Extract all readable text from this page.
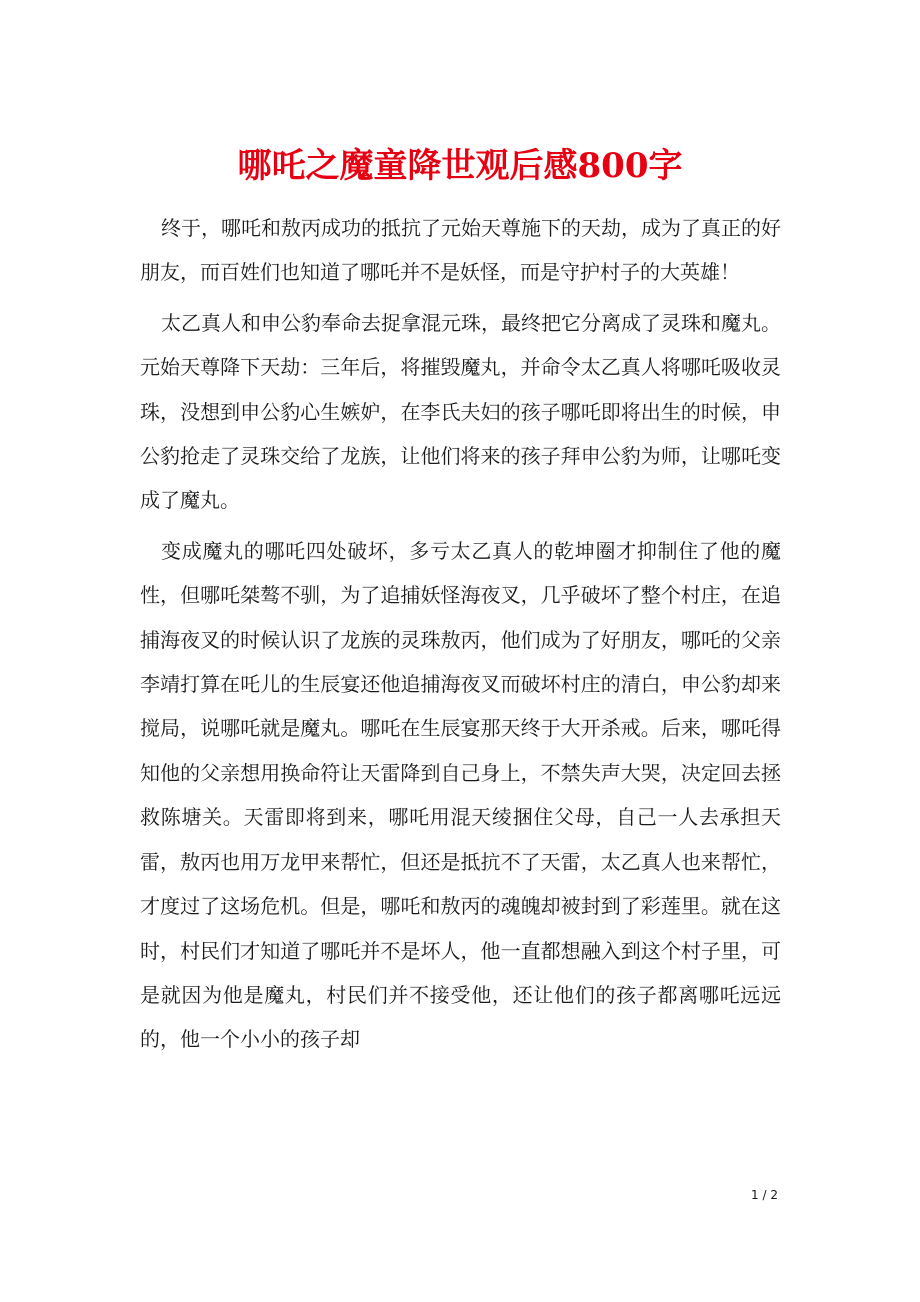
哪吒之魔童降世观后感800字

终于，哪吒和敖丙成功的抵抗了元始天尊施下的天劫，成为了真正的好朋友，而百姓们也知道了哪吒并不是妖怪，而是守护村子的大英雄！

太乙真人和申公豹奉命去捉拿混元珠，最终把它分离成了灵珠和魔丸。元始天尊降下天劫：三年后，将摧毁魔丸，并命令太乙真人将哪吒吸收灵珠，没想到申公豹心生嫉妒，在李氏夫妇的孩子哪吒即将出生的时候，申公豹抢走了灵珠交给了龙族，让他们将来的孩子拜申公豹为师，让哪吒变成了魔丸。

变成魔丸的哪吒四处破坏，多亏太乙真人的乾坤圈才抑制住了他的魔性，但哪吒桀骜不驯，为了追捕妖怪海夜叉，几乎破坏了整个村庄，在追捕海夜叉的时候认识了龙族的灵珠敖丙，他们成为了好朋友，哪吒的父亲李靖打算在吒儿的生辰宴还他追捕海夜叉而破坏村庄的清白，申公豹却来搅局，说哪吒就是魔丸。哪吒在生辰宴那天终于大开杀戒。后来，哪吒得知他的父亲想用换命符让天雷降到自己身上，不禁失声大哭，决定回去拯救陈塘关。天雷即将到来，哪吒用混天绫捆住父母，自己一人去承担天雷，敖丙也用万龙甲来帮忙，但还是抵抗不了天雷，太乙真人也来帮忙，才度过了这场危机。但是，哪吒和敖丙的魂魄却被封到了彩莲里。就在这时，村民们才知道了哪吒并不是坏人，他一直都想融入到这个村子里，可是就因为他是魔丸，村民们并不接受他，还让他们的孩子都离哪吒远远的，他一个小小的孩子却

1 / 2
